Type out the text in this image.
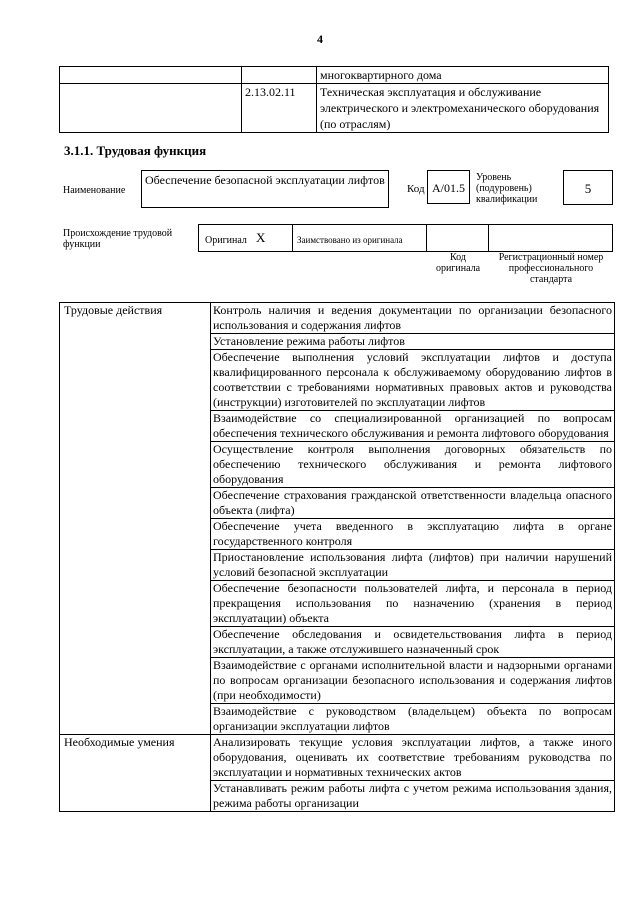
4
		многоквартирного дома
	2.13.02.11	Техническая эксплуатация и обслуживание электрического и электромеханического оборудования (по отраслям)
3.1.1. Трудовая функция
Наименование
Обеспечение безопасной эксплуатации лифтов
Код А/01.5
Уровень (подуровень) квалификации
5
Происхождение трудовой функции	Оригинал Х	Заимствовано из оригинала
Код оригинала
Регистрационный номер профессионального стандарта
Трудовые действия	Контроль наличия и ведения документации по организации безопасного использования и содержания лифтов
	Установление режима работы лифтов
	Обеспечение выполнения условий эксплуатации лифтов и доступа квалифицированного персонала к обслуживаемому оборудованию лифтов в соответствии с требованиями нормативных правовых актов и руководства (инструкции) изготовителей по эксплуатации лифтов
	Взаимодействие со специализированной организацией по вопросам обеспечения технического обслуживания и ремонта лифтового оборудования
	Осуществление контроля выполнения договорных обязательств по обеспечению технического обслуживания и ремонта лифтового оборудования
	Обеспечение страхования гражданской ответственности владельца опасного объекта (лифта)
	Обеспечение учета введенного в эксплуатацию лифта в органе государственного контроля
	Приостановление использования лифта (лифтов) при наличии нарушений условий безопасной эксплуатации
	Обеспечение безопасности пользователей лифта, и персонала в период прекращения использования по назначению (хранения в период эксплуатации) объекта
	Обеспечение обследования и освидетельствования лифта в период эксплуатации, а также отслужившего назначенный срок
	Взаимодействие с органами исполнительной власти и надзорными органами по вопросам организации безопасного использования и содержания лифтов (при необходимости)
	Взаимодействие с руководством (владельцем) объекта по вопросам организации эксплуатации лифтов
Необходимые умения	Анализировать текущие условия эксплуатации лифтов, а также иного оборудования, оценивать их соответствие требованиям руководства по эксплуатации и нормативных технических актов
	Устанавливать режим работы лифта с учетом режима использования здания, режима работы организации
